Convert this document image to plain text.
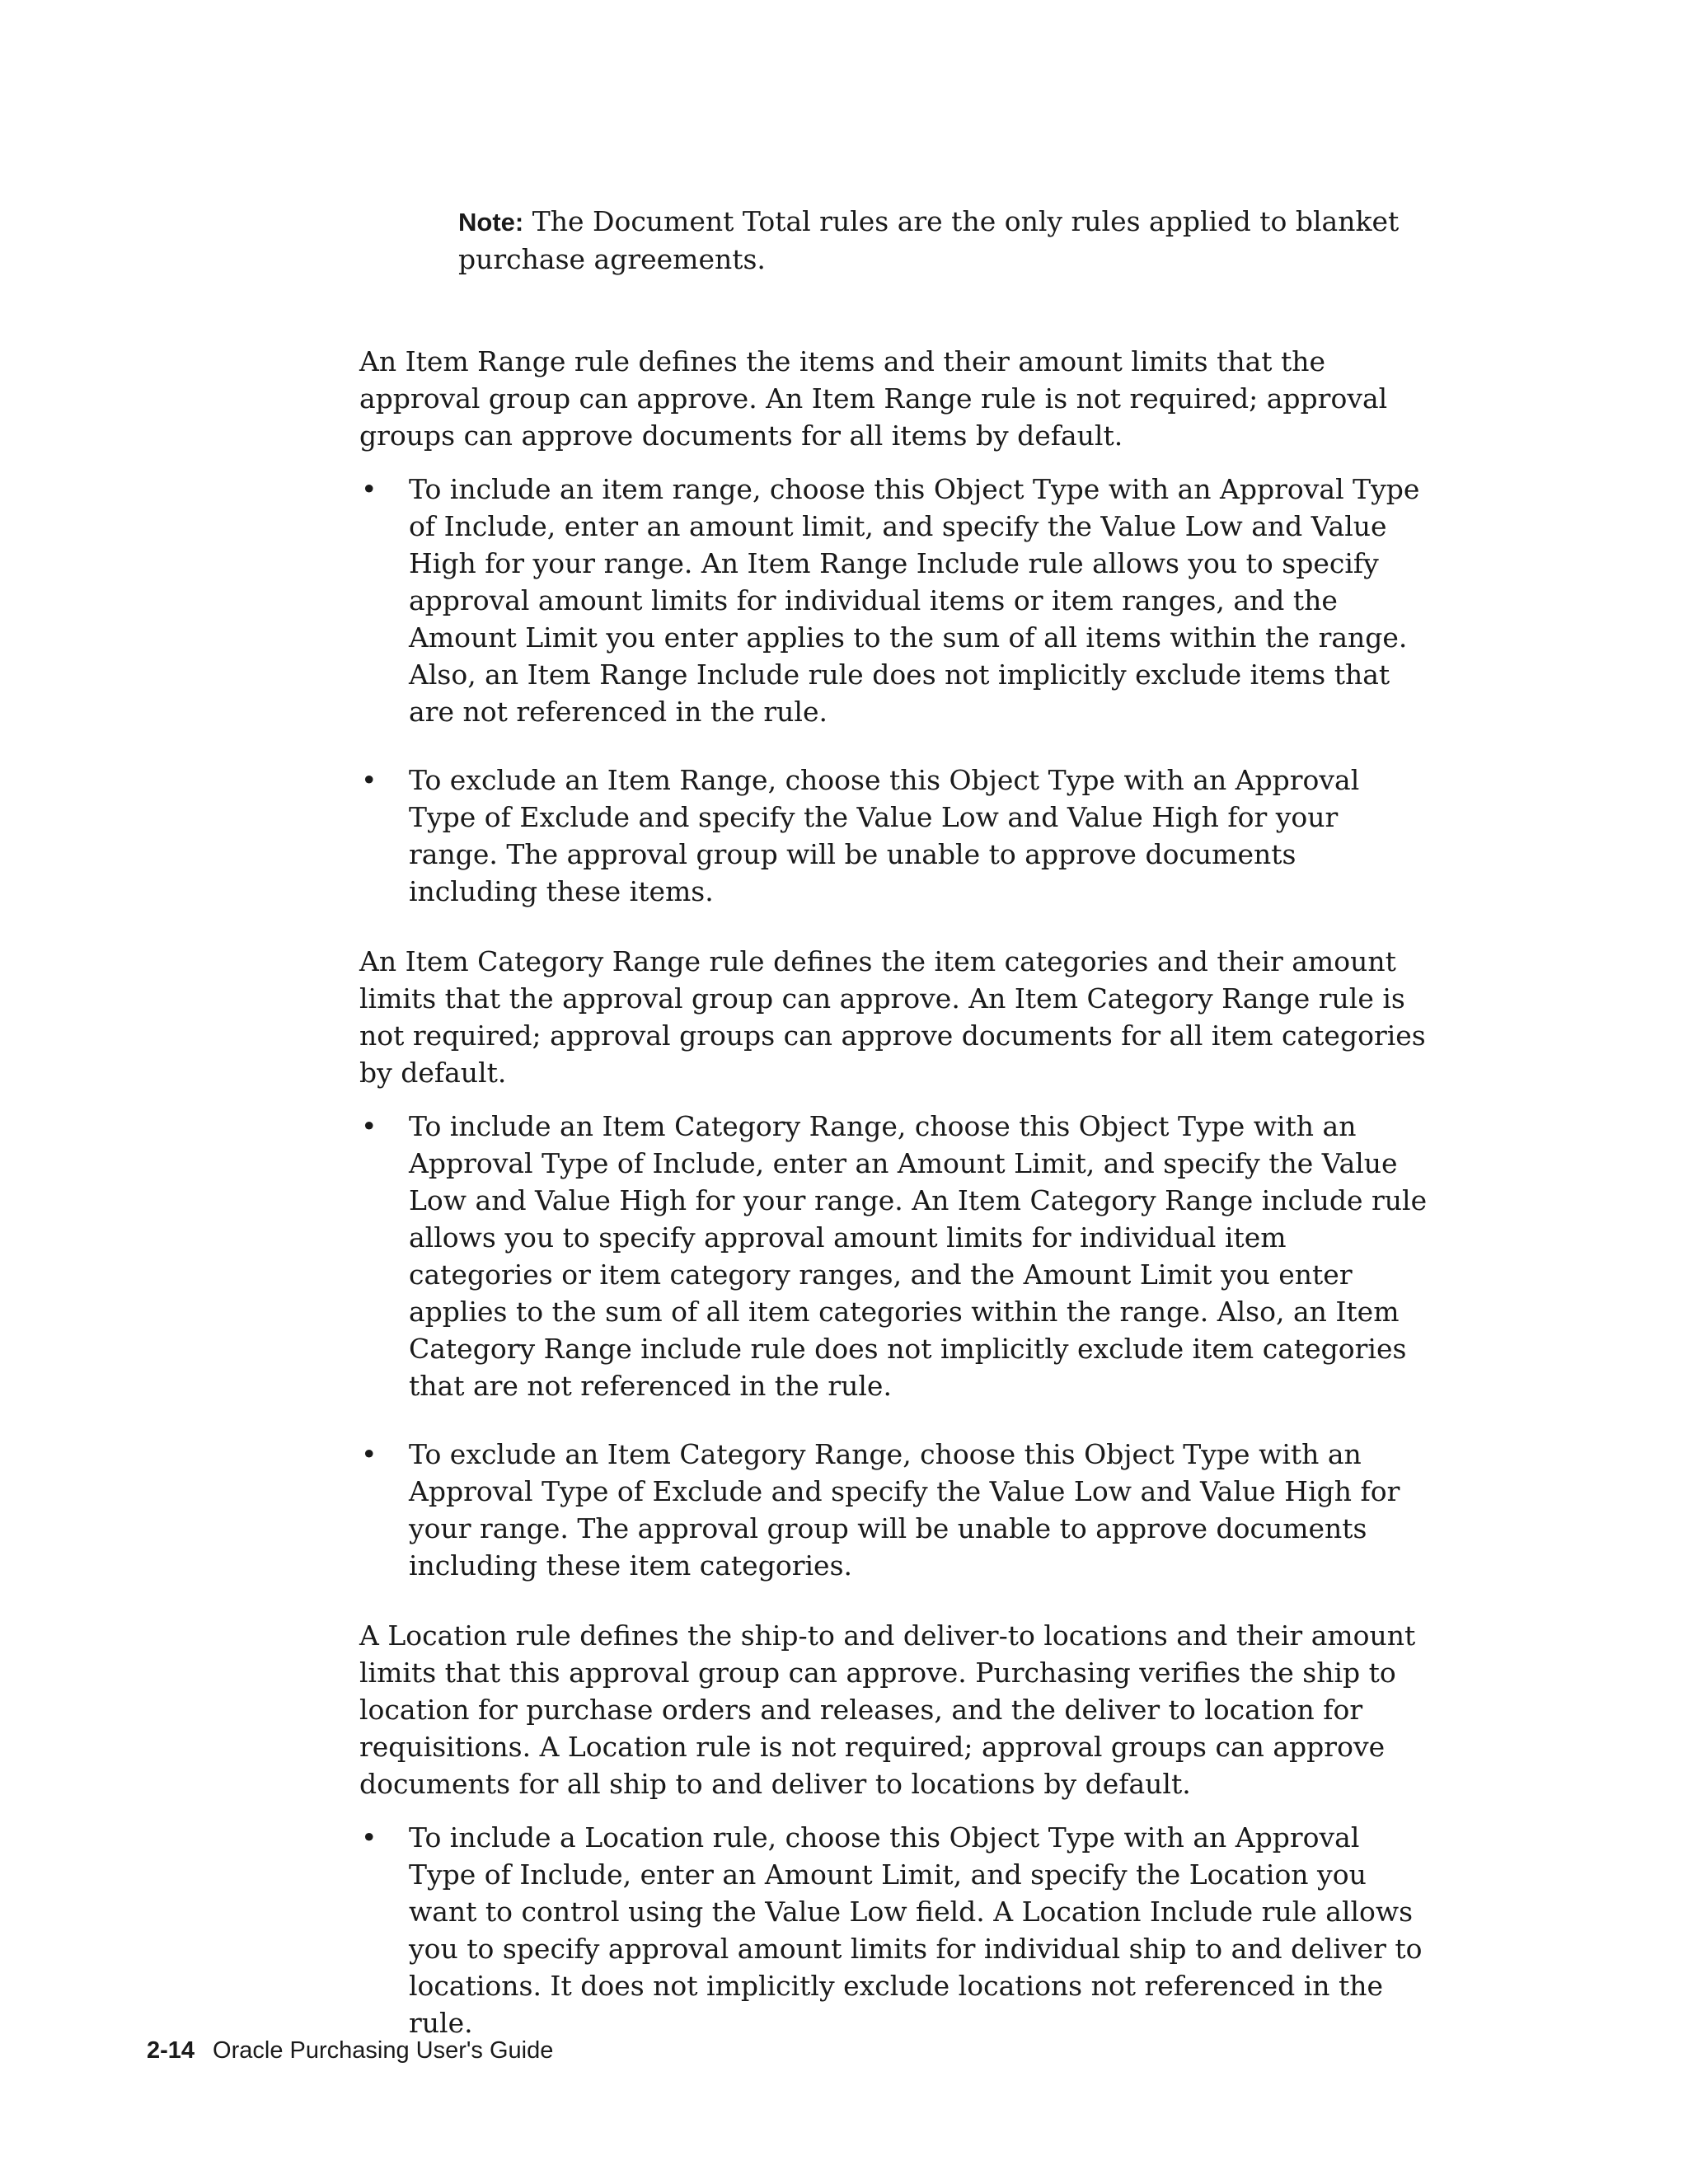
Note: The Document Total rules are the only rules applied to blanket purchase agreements.

An Item Range rule defines the items and their amount limits that the approval group can approve. An Item Range rule is not required; approval groups can approve documents for all items by default.

• To include an item range, choose this Object Type with an Approval Type of Include, enter an amount limit, and specify the Value Low and Value High for your range. An Item Range Include rule allows you to specify approval amount limits for individual items or item ranges, and the Amount Limit you enter applies to the sum of all items within the range. Also, an Item Range Include rule does not implicitly exclude items that are not referenced in the rule.
• To exclude an Item Range, choose this Object Type with an Approval Type of Exclude and specify the Value Low and Value High for your range. The approval group will be unable to approve documents including these items.

An Item Category Range rule defines the item categories and their amount limits that the approval group can approve. An Item Category Range rule is not required; approval groups can approve documents for all item categories by default.

• To include an Item Category Range, choose this Object Type with an Approval Type of Include, enter an Amount Limit, and specify the Value Low and Value High for your range. An Item Category Range include rule allows you to specify approval amount limits for individual item categories or item category ranges, and the Amount Limit you enter applies to the sum of all item categories within the range. Also, an Item Category Range include rule does not implicitly exclude item categories that are not referenced in the rule.
• To exclude an Item Category Range, choose this Object Type with an Approval Type of Exclude and specify the Value Low and Value High for your range. The approval group will be unable to approve documents including these item categories.

A Location rule defines the ship-to and deliver-to locations and their amount limits that this approval group can approve. Purchasing verifies the ship to location for purchase orders and releases, and the deliver to location for requisitions. A Location rule is not required; approval groups can approve documents for all ship to and deliver to locations by default.

• To include a Location rule, choose this Object Type with an Approval Type of Include, enter an Amount Limit, and specify the Location you want to control using the Value Low field. A Location Include rule allows you to specify approval amount limits for individual ship to and deliver to locations. It does not implicitly exclude locations not referenced in the rule.
2-14 Oracle Purchasing User's Guide
